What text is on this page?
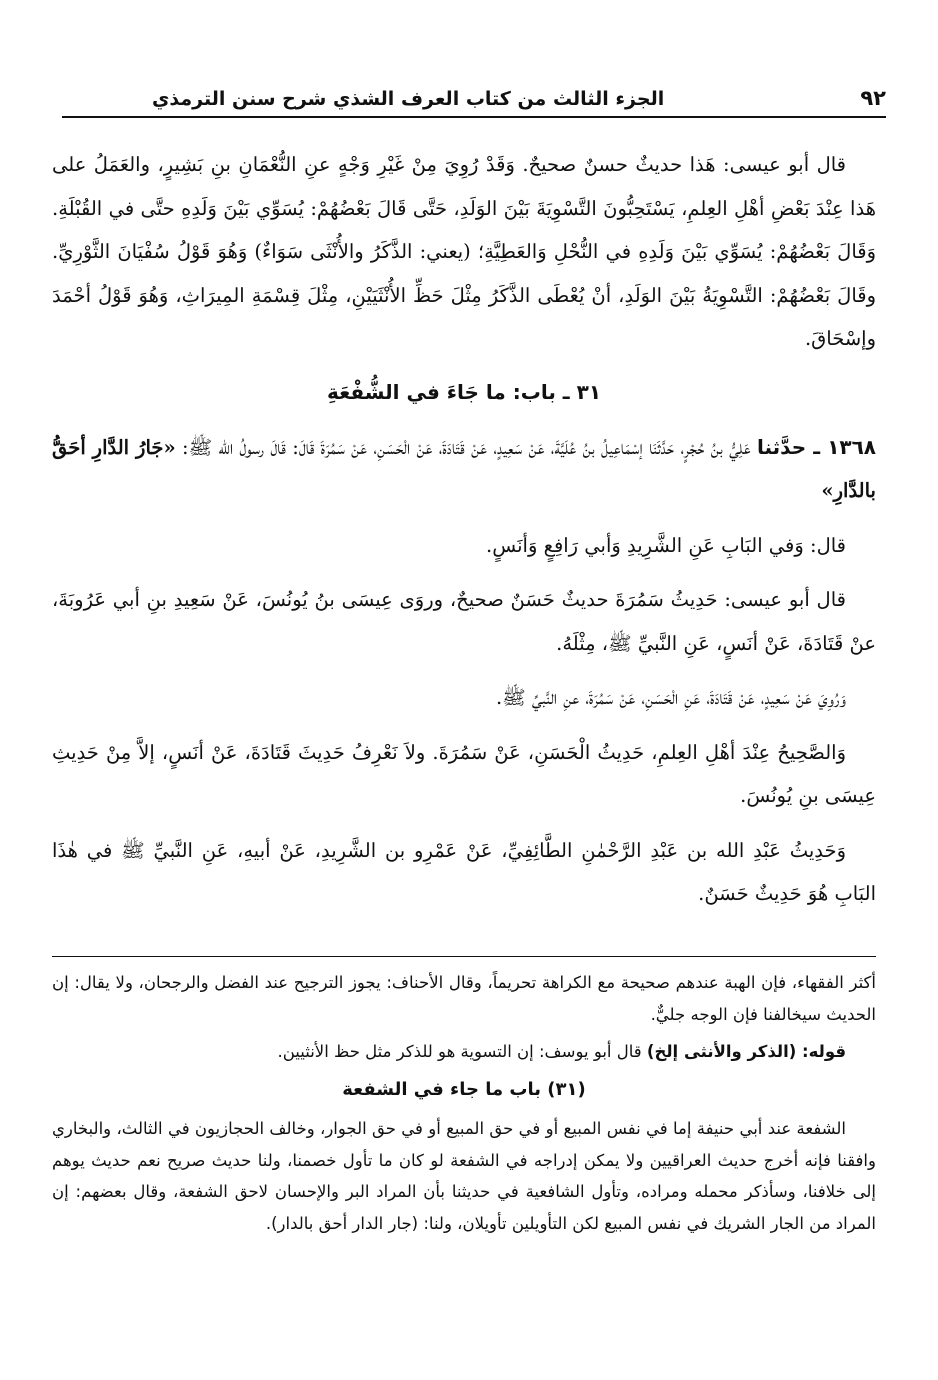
٩٢
الجزء الثالث من كتاب العرف الشذي شرح سنن الترمذي

قال أبو عيسى: هَذا حديثٌ حسنٌ صحيحٌ. وَقَدْ رُوِيَ مِنْ غَيْرِ وَجْهٍ عنِ النُّعْمَانِ بنِ بَشِيرٍ، والعَمَلُ على هَذا عِنْدَ بَعْضِ أهْلِ العِلمِ، يَسْتَحِبُّونَ التَّسْوِيَةَ بَيْنَ الوَلَدِ، حَتَّى قَالَ بَعْضُهُمْ: يُسَوِّي بَيْنَ وَلَدِهِ حتَّى في القُبْلَةِ. وَقَالَ بَعْضُهُمْ: يُسَوِّي بَيْنَ وَلَدِهِ في النُّحْلِ وَالعَطِيَّةِ؛ (يعني: الذَّكَرُ والأُنْثَى سَوَاءٌ) وَهُوَ قَوْلُ سُفْيَانَ الثَّوْرِيِّ. وقَالَ بَعْضُهُمْ: التَّسْوِيَةُ بَيْنَ الوَلَدِ، أنْ يُعْطَى الذَّكَرُ مِثْلَ حَظِّ الأُنْثَيَيْنِ، مِثْلَ قِسْمَةِ المِيرَاثِ، وَهُوَ قَوْلُ أحْمَدَ وإسْحَاقَ.

٣١ ـ باب: ما جَاءَ في الشُّفْعَةِ

١٣٦٨ ـ حدَّثنا عَلِيُّ بنُ حُجْرٍ، حَدَّثَنَا إسْمَاعِيلُ بنُ عُلَيَّةَ، عَنْ سَعِيدٍ، عَنْ قَتَادَةَ، عَنْ الْحَسَنِ، عَنْ سَمُرَةَ قَالَ: قَالَ رسولُ الله ﷺ: «جَارُ الدَّارِ أحَقُّ بالدَّارِ»

قال: وَفي البَابِ عَنِ الشَّرِيدِ وَأبي رَافِعٍ وَأنَسٍ.

قال أبو عيسى: حَدِيثُ سَمُرَةَ حديثٌ حَسَنٌ صحيحٌ، وروَى عِيسَى بنُ يُونُسَ، عَنْ سَعِيدِ بنِ أبي عَرُوبَةَ، عنْ قَتَادَةَ، عَنْ أنَسٍ، عَنِ النَّبيِّ ﷺ، مِثْلَهُ.

وَرُوِيَ عَنْ سَعِيدٍ، عَنْ قَتَادَةَ، عَنِ الْحَسَنِ، عَنْ سَمُرَةَ، عنِ النَّبيِّ ﷺ.

وَالصَّحِيحُ عِنْدَ أهْلِ العِلمِ، حَدِيثُ الْحَسَنِ، عَنْ سَمُرَةَ. ولاَ نَعْرِفُ حَدِيثَ قَتَادَةَ، عَنْ أنَسٍ، إلاَّ مِنْ حَدِيثِ عِيسَى بنِ يُونُسَ.

وَحَدِيثُ عَبْدِ الله بن عَبْدِ الرَّحْمٰنِ الطَّائِفِيِّ، عَنْ عَمْرِو بن الشَّرِيدِ، عَنْ أبيهِ، عَنِ النَّبيِّ ﷺ في هٰذَا البَابِ هُوَ حَدِيثٌ حَسَنٌ.

أكثر الفقهاء، فإن الهبة عندهم صحيحة مع الكراهة تحريماً، وقال الأحناف: يجوز الترجيح عند الفضل والرجحان، ولا يقال: إن الحديث سيخالفنا فإن الوجه جليٌّ.

قوله: (الذكر والأنثى إلخ) قال أبو يوسف: إن التسوية هو للذكر مثل حظ الأنثيين.

(٣١) باب ما جاء في الشفعة

الشفعة عند أبي حنيفة إما في نفس المبيع أو في حق المبيع أو في حق الجوار، وخالف الحجازيون في الثالث، والبخاري وافقنا فإنه أخرج حديث العراقيين ولا يمكن إدراجه في الشفعة لو كان ما تأول خصمنا، ولنا حديث صريح نعم حديث يوهم إلى خلافنا، وسأذكر محمله ومراده، وتأول الشافعية في حديثنا بأن المراد البر والإحسان لاحق الشفعة، وقال بعضهم: إن المراد من الجار الشريك في نفس المبيع لكن التأويلين تأويلان، ولنا: (جار الدار أحق بالدار).
